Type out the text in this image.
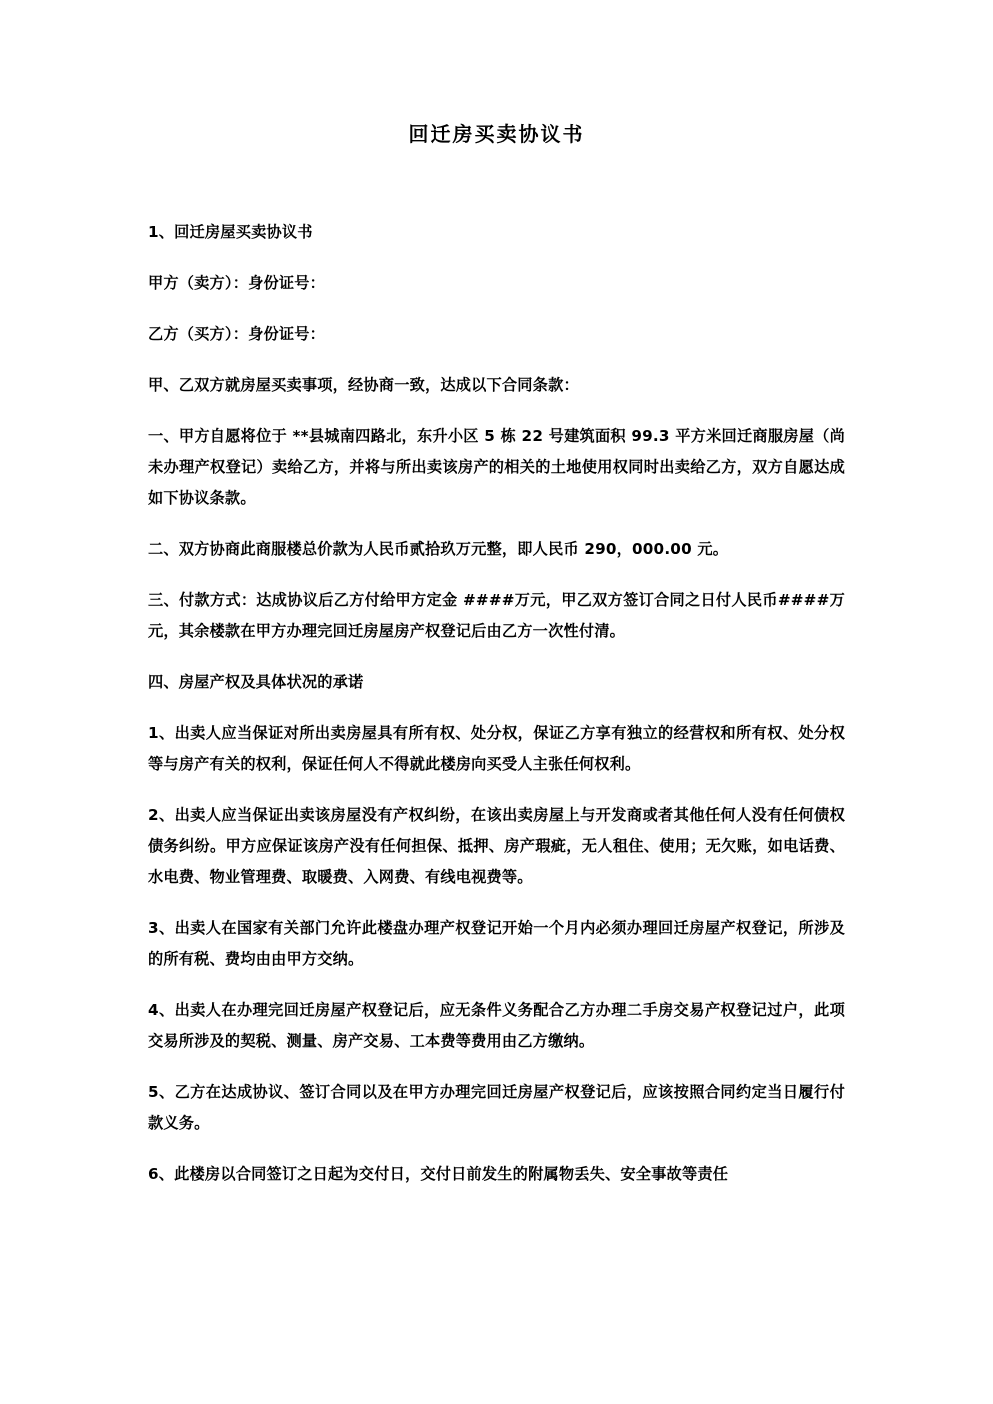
回迁房买卖协议书

1、回迁房屋买卖协议书

甲方（卖方）：身份证号：

乙方（买方）：身份证号：

甲、乙双方就房屋买卖事项，经协商一致，达成以下合同条款：

一、甲方自愿将位于 **县城南四路北，东升小区 5 栋 22 号建筑面积 99.3 平方米回迁商服房屋（尚未办理产权登记）卖给乙方，并将与所出卖该房产的相关的土地使用权同时出卖给乙方，双方自愿达成如下协议条款。

二、双方协商此商服楼总价款为人民币贰拾玖万元整，即人民币 290，000.00 元。

三、付款方式：达成协议后乙方付给甲方定金 ####万元，甲乙双方签订合同之日付人民币####万元，其余楼款在甲方办理完回迁房屋房产权登记后由乙方一次性付清。

四、房屋产权及具体状况的承诺

1、出卖人应当保证对所出卖房屋具有所有权、处分权，保证乙方享有独立的经营权和所有权、处分权等与房产有关的权利，保证任何人不得就此楼房向买受人主张任何权利。

2、出卖人应当保证出卖该房屋没有产权纠纷，在该出卖房屋上与开发商或者其他任何人没有任何债权债务纠纷。甲方应保证该房产没有任何担保、抵押、房产瑕疵，无人租住、使用；无欠账，如电话费、水电费、物业管理费、取暖费、入网费、有线电视费等。

3、出卖人在国家有关部门允许此楼盘办理产权登记开始一个月内必须办理回迁房屋产权登记，所涉及的所有税、费均由由甲方交纳。

4、出卖人在办理完回迁房屋产权登记后，应无条件义务配合乙方办理二手房交易产权登记过户，此项交易所涉及的契税、测量、房产交易、工本费等费用由乙方缴纳。

5、乙方在达成协议、签订合同以及在甲方办理完回迁房屋产权登记后，应该按照合同约定当日履行付款义务。

6、此楼房以合同签订之日起为交付日，交付日前发生的附属物丢失、安全事故等责任
